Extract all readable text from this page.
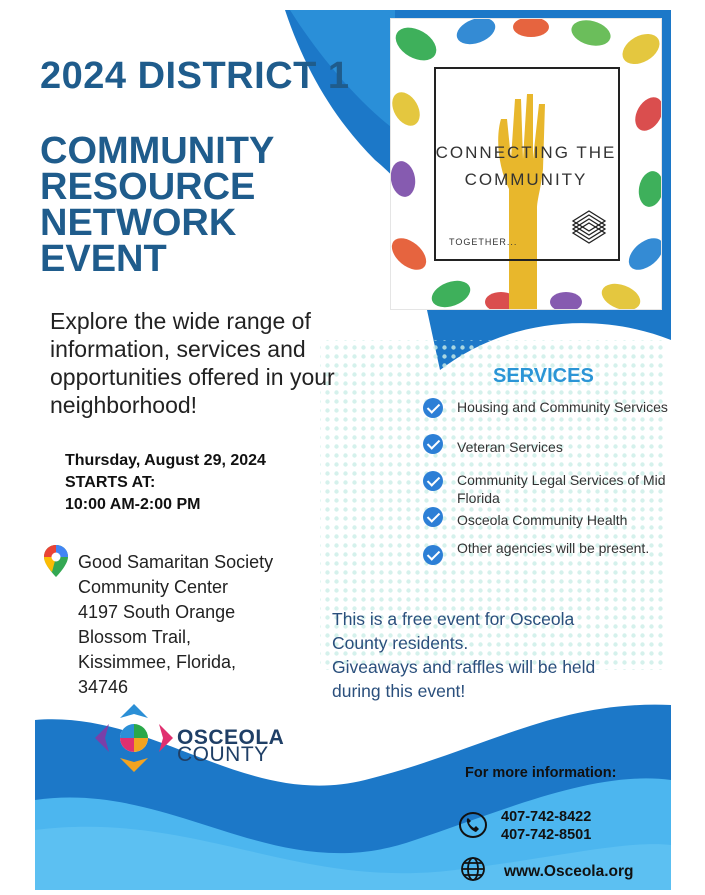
2024 DISTRICT 1
COMMUNITY RESOURCE NETWORK EVENT
Explore the wide range of information, services and opportunities offered in your neighborhood!
Thursday, August 29, 2024
STARTS AT:
10:00 AM-2:00 PM
Good Samaritan Society
Community Center
4197 South Orange
Blossom Trail,
Kissimmee, Florida,
34746
CONNECTING THE
COMMUNITY
TOGETHER...
SERVICES
Housing and Community Services
Veteran Services
Community Legal Services of Mid Florida
Osceola Community Health
Other agencies will be present.
This is a free event for Osceola
County residents.
Giveaways and raffles will be held
during this event!
OSCEOLA
COUNTY
For more information:
407-742-8422
407-742-8501
www.Osceola.org
